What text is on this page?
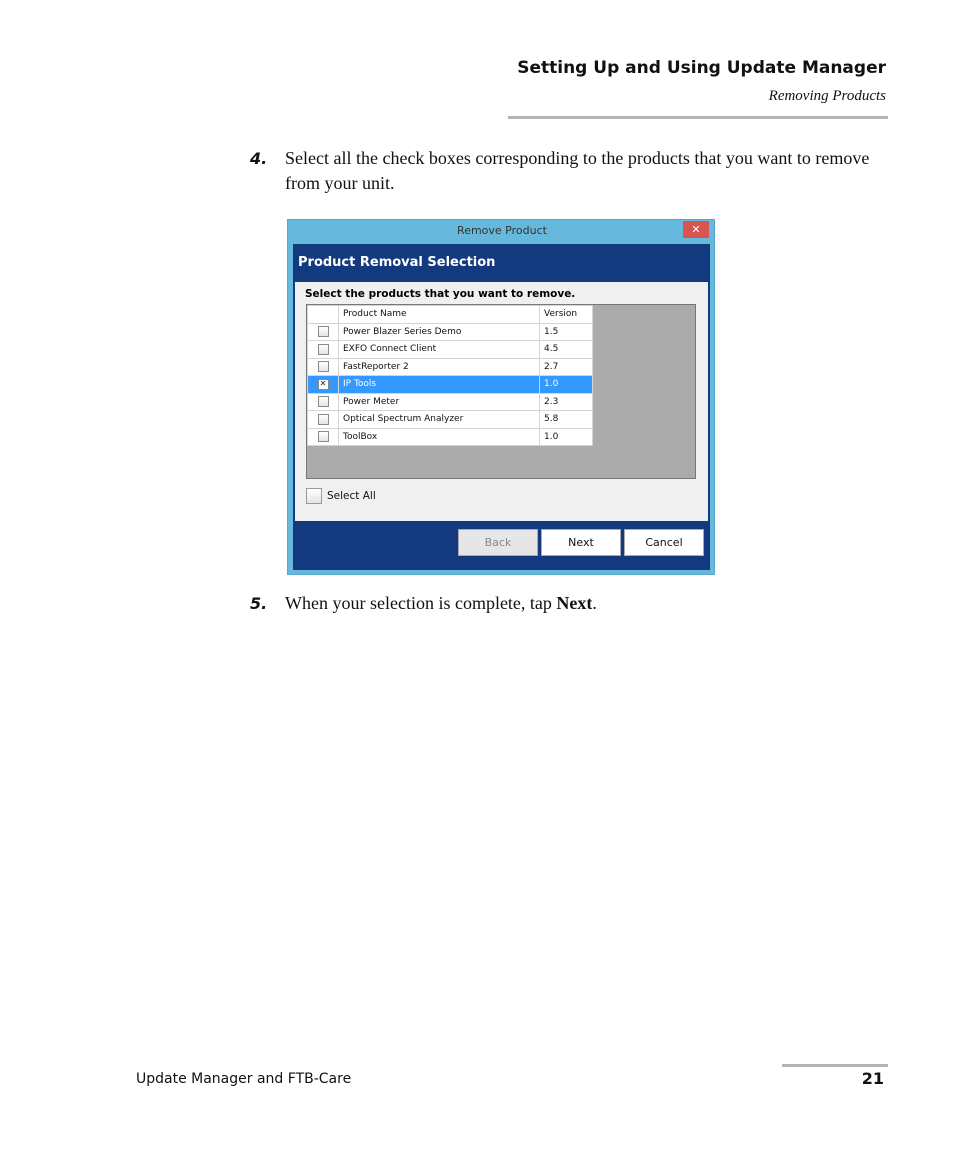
Setting Up and Using Update Manager
Removing Products
4. Select all the check boxes corresponding to the products that you want to remove from your unit.
Remove Product	✕
Product Removal Selection
Select the products that you want to remove.
	Product Name	Version
	Power Blazer Series Demo	1.5
	EXFO Connect Client	4.5
	FastReporter 2	2.7
✕	IP Tools	1.0
	Power Meter	2.3
	Optical Spectrum Analyzer	5.8
	ToolBox	1.0
Select All
Back	Next	Cancel
5. When your selection is complete, tap Next.
Update Manager and FTB-Care	21
